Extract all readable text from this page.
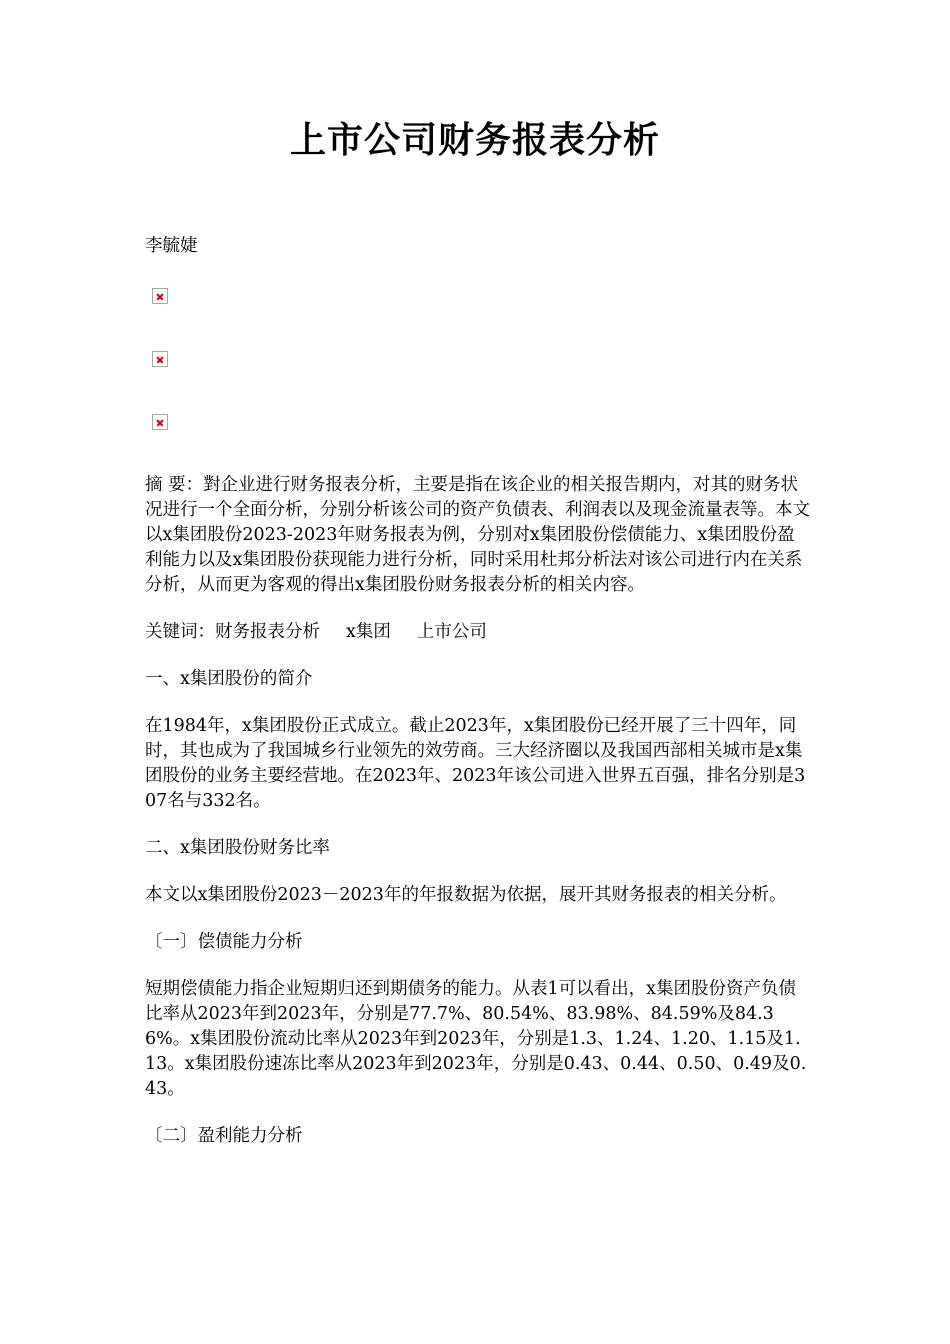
上市公司财务报表分析

李毓婕

摘 要：對企业进行财务报表分析，主要是指在该企业的相关报告期内，对其的财务状况进行一个全面分析，分别分析该公司的资产负债表、利润表以及现金流量表等。本文以x集团股份2023-2023年财务报表为例，分别对x集团股份偿债能力、x集团股份盈利能力以及x集团股份获现能力进行分析，同时采用杜邦分析法对该公司进行内在关系分析，从而更为客观的得出x集团股份财务报表分析的相关内容。

关键词：财务报表分析 x集团 上市公司

一、x集团股份的简介

在1984年，x集团股份正式成立。截止2023年，x集团股份已经开展了三十四年，同时，其也成为了我国城乡行业领先的效劳商。三大经济圈以及我国西部相关城市是x集团股份的业务主要经营地。在2023年、2023年该公司进入世界五百强，排名分别是307名与332名。

二、x集团股份财务比率

本文以x集团股份2023－2023年的年报数据为依据，展开其财务报表的相关分析。

〔一〕偿债能力分析

短期偿债能力指企业短期归还到期债务的能力。从表1可以看出，x集团股份资产负债比率从2023年到2023年，分别是77.7%、80.54%、83.98%、84.59%及84.36%。x集团股份流动比率从2023年到2023年，分别是1.3、1.24、1.20、1.15及1.13。x集团股份速冻比率从2023年到2023年，分别是0.43、0.44、0.50、0.49及0.43。

〔二〕盈利能力分析
